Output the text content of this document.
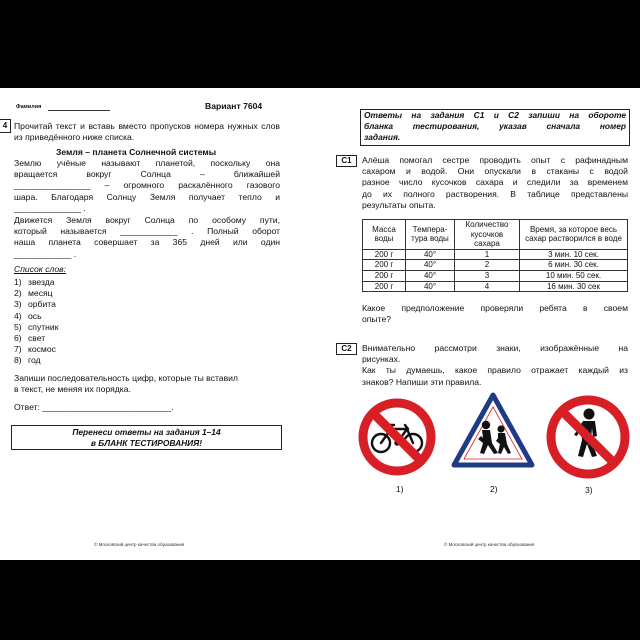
Фамилия	Вариант 7604
4 Прочитай текст и вставь вместо пропусков номера нужных слов из приведённого ниже списка.
Земля – планета Солнечной системы
Землю учёные называют планетой, поскольку она
вращается вокруг Солнца – ближайшей
________________ – огромного раскалённого газового
шара. Благодаря Солнцу Земля получает тепло и
______________ .
Движется Земля вокруг Солнца по особому пути,
который называется ____________ . Полный оборот
наша планета совершает за 365 дней или один
____________ .
Список слов:
1) звезда
2) месяц
3) орбита
4) ось
5) спутник
6) свет
7) космос
8) год
Запиши последовательность цифр, которые ты вставил
в текст, не меняя их порядка.
Ответ: ___________________________.
Перенеси ответы на задания 1–14
в БЛАНК ТЕСТИРОВАНИЯ!
© Московский центр качества образования
Ответы на задания С1 и С2 запиши на обороте
бланка тестирования, указав сначала номер
задания.
С1	Алёша помогал сестре проводить опыт с рафинадным
сахаром и водой. Они опускали в стаканы с водой
разное число кусочков сахара и следили за временем
до их полного растворения. В таблице представлены
результаты опыта.
Масса воды	Темпера-тура воды	Количество кусочков сахара	Время, за которое весь сахар растворился в воде
200 г	40°	1	3 мин. 10 сек.
200 г	40°	2	6 мин. 30 сек.
200 г	40°	3	10 мин. 50 сек.
200 г	40°	4	16 мин. 30 сек
Какое предположение проверяли ребята в своем
опыте?
С2	Внимательно рассмотри знаки, изображённые на
рисунках.
Как ты думаешь, какое правило отражает каждый из
знаков? Напиши эти правила.
1)	2)	3)
© Московский центр качества образования
